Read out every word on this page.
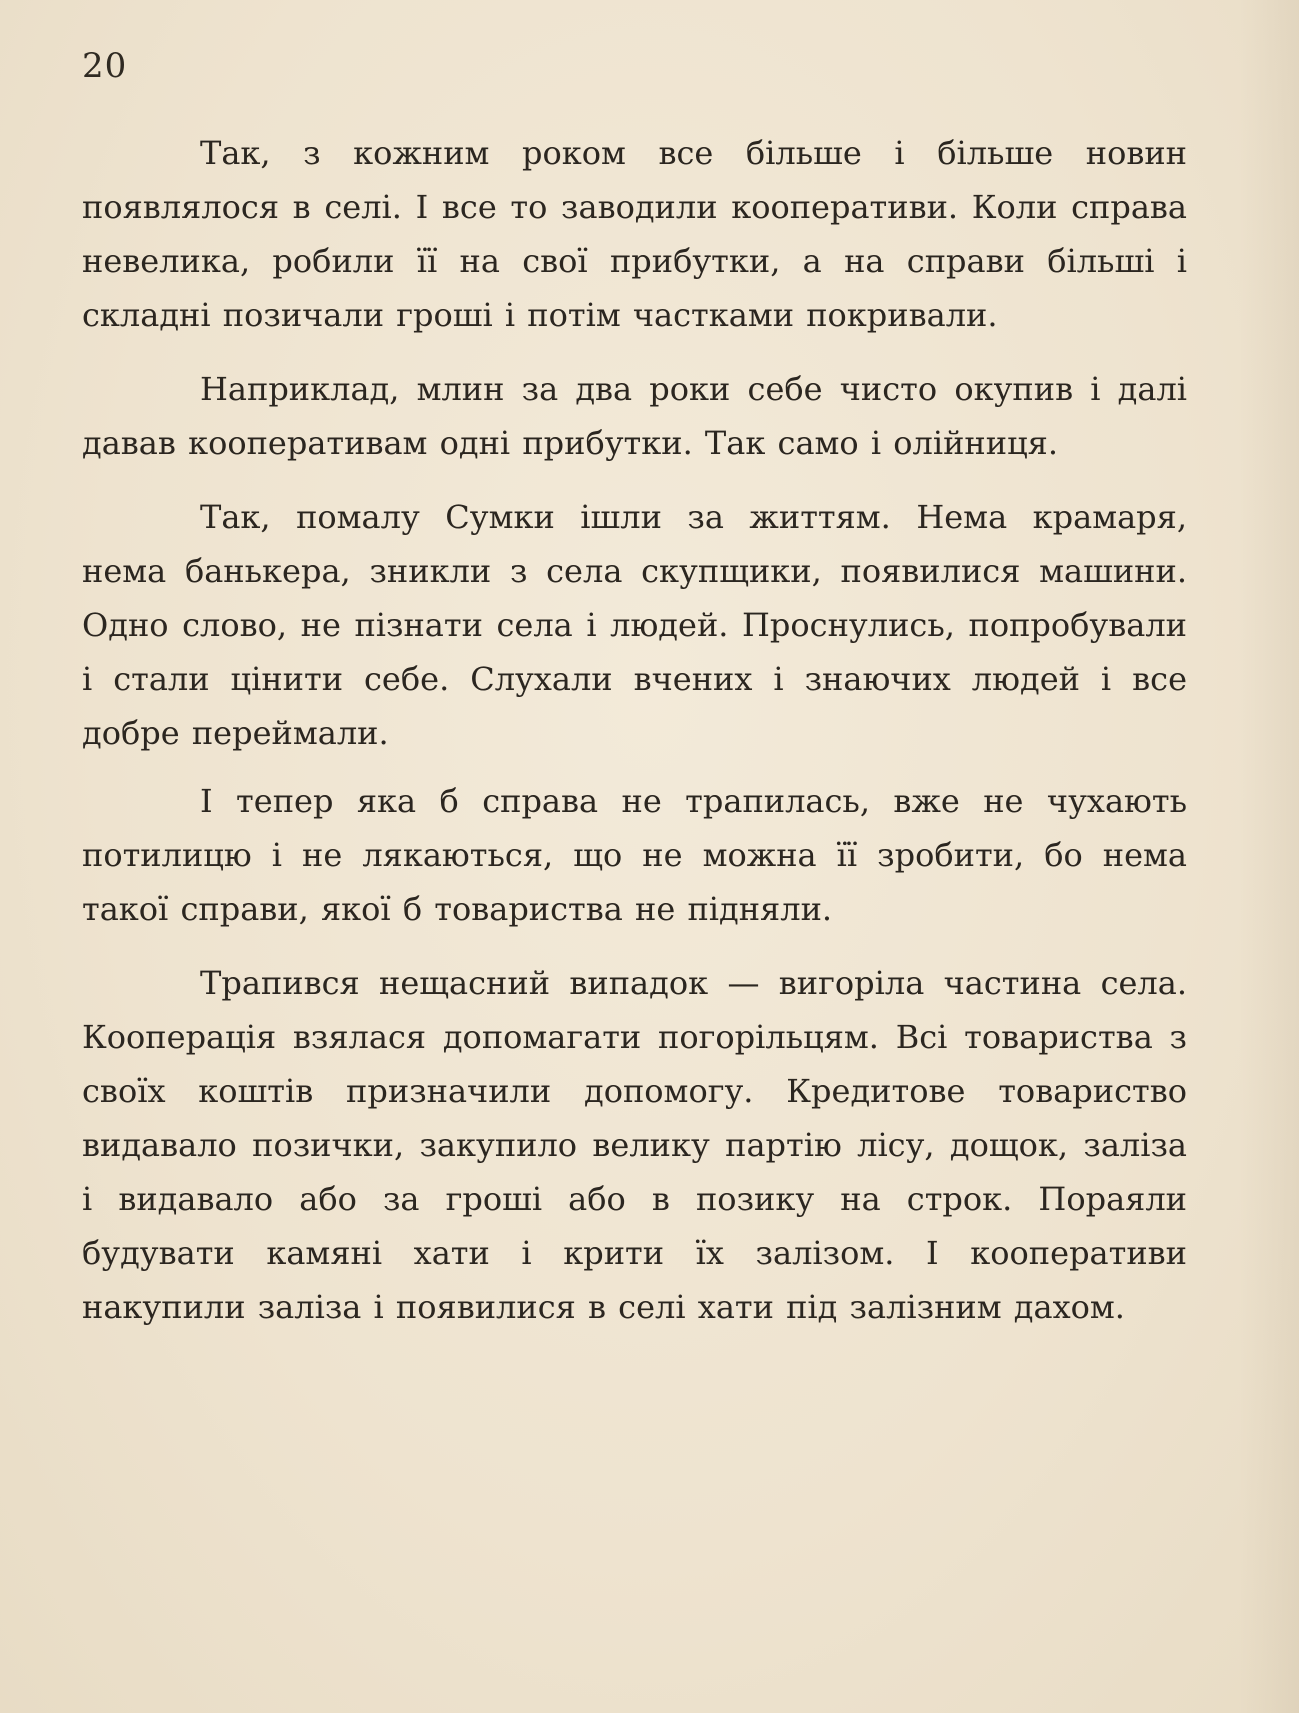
20

Так, з кожним роком все більше і більше новин появлялося в селі. І все то заводили кооперативи. Коли справа невелика, робили її на свої прибутки, а на справи більші і складні позичали гроші і потім частками покривали.

Наприклад, млин за два роки себе чисто окупив і далі давав кооперативам одні прибутки. Так само і олійниця.

Так, помалу Сумки ішли за життям. Нема крамаря, нема банькера, зникли з села скупщики, появилися машини. Одно слово, не пізнати села і людей. Проснулись, попробували і стали цінити себе. Слухали вчених і знаючих людей і все добре переймали.

І тепер яка б справа не трапилась, вже не чухають потилицю і не лякаються, що не можна її зробити, бо нема такої справи, якої б товариства не підняли.

Трапився нещасний випадок — вигоріла частина села. Кооперація взялася допомагати погорільцям. Всі товариства з своїх коштів призначили допомогу. Кредитове товариство видавало позички, закупило велику партію лісу, дощок, заліза і видавало або за гроші або в позику на строк. Пораяли будувати камяні хати і крити їх залізом. І кооперативи накупили заліза і появилися в селі хати під залізним дахом.
